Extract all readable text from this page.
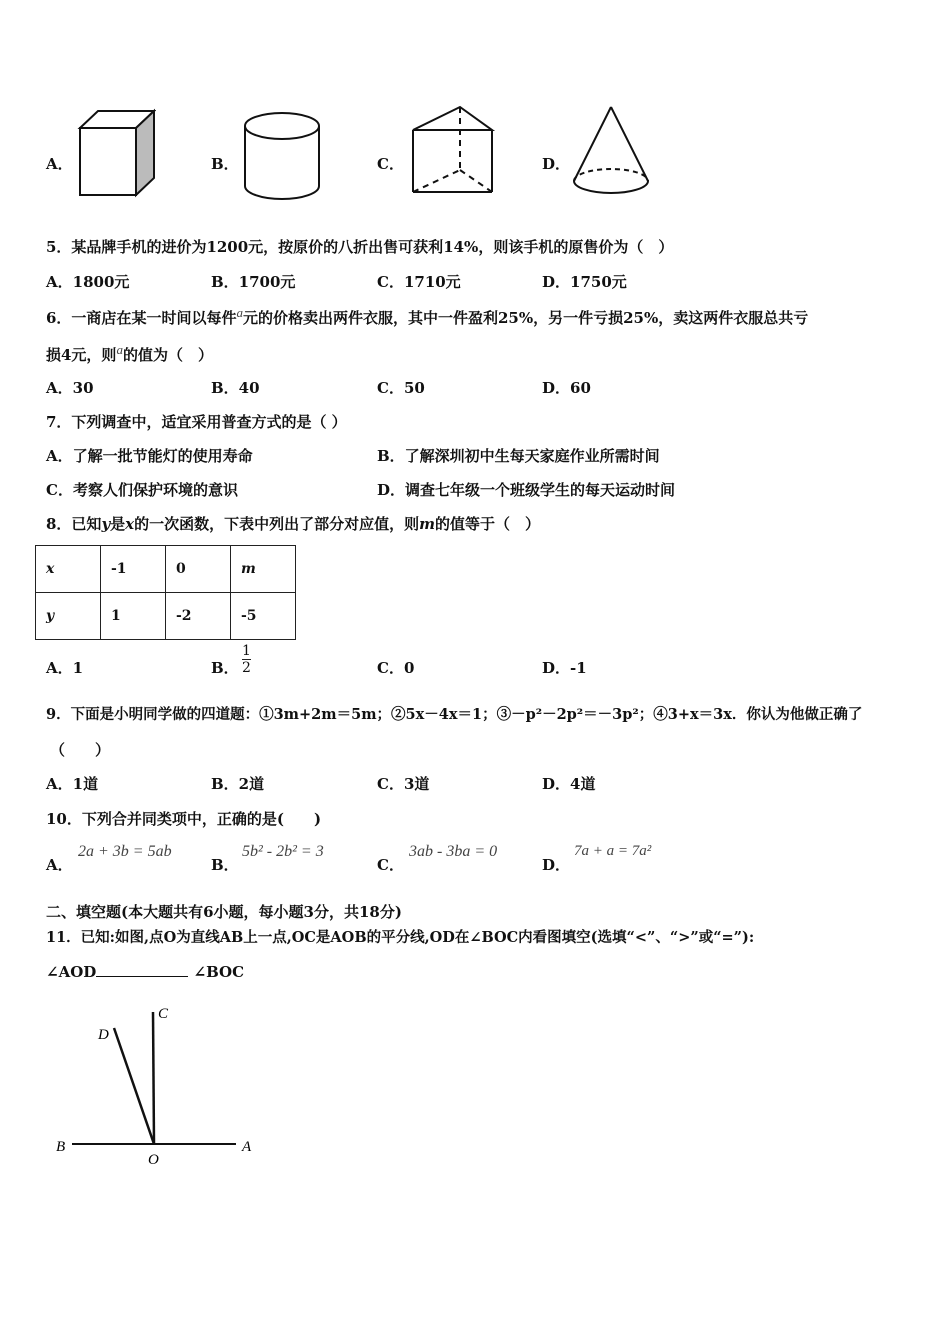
A．	B．	C．	D．
5．某品牌手机的进价为1200元，按原价的八折出售可获利14%，则该手机的原售价为（　）
A．1800元	B．1700元	C．1710元	D．1750元
6．一商店在某一时间以每件a元的价格卖出两件衣服，其中一件盈利25%，另一件亏损25%，卖这两件衣服总共亏
损4元，则a的值为（　）
A．30	B．40	C．50	D．60
7．下列调查中，适宜采用普查方式的是（ ）
A．了解一批节能灯的使用寿命	B．了解深圳初中生每天家庭作业所需时间
C．考察人们保护环境的意识	D．调查七年级一个班级学生的每天运动时间
8．已知y是x的一次函数，下表中列出了部分对应值，则m的值等于（　）
x	-1	0	m
y	1	-2	-5
A．1	B． $\frac{1}{2}$	C．0	D．-1
9．下面是小明同学做的四道题：①3m+2m＝5m；②5x－4x＝1；③－p²－2p²＝－3p²；④3+x＝3x．你认为他做正确了
（　　）
A．1道	B．2道	C．3道	D．4道
10．下列合并同类项中，正确的是(　　)
A．
2a + 3b = 5ab
B．
5b² - 2b² = 3
C．
3ab - 3ba = 0
D．
7a + a = 7a²
二、填空题(本大题共有6小题，每小题3分，共18分)
11．已知:如图,点O为直线AB上一点,OC是AOB的平分线,OD在∠BOC内看图填空(选填“<”、“>”或“=”):
∠AOD	∠BOC
B
O
A
C
D
